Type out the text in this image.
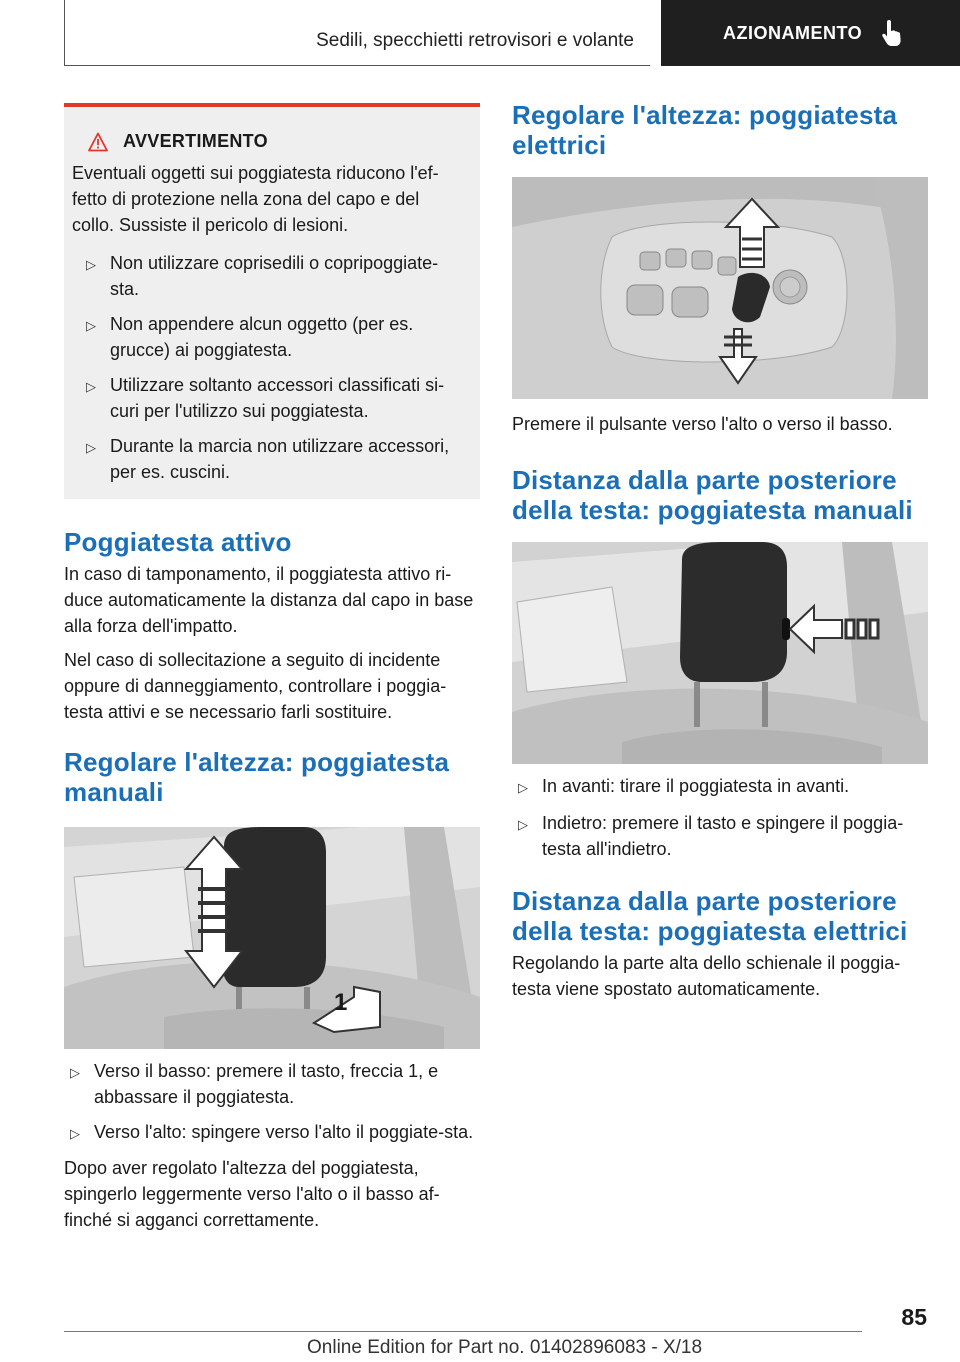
Sedili, specchietti retrovisori e volante	AZIONAMENTO
AVVERTIMENTO

Eventuali oggetti sui poggiatesta riducono l'ef-fetto di protezione nella zona del capo e del collo. Sussiste il pericolo di lesioni.

▷ Non utilizzare coprisedili o copripoggiate-sta.
▷ Non appendere alcun oggetto (per es. grucce) ai poggiatesta.
▷ Utilizzare soltanto accessori classificati si-curi per l'utilizzo sui poggiatesta.
▷ Durante la marcia non utilizzare accessori, per es. cuscini.
Poggiatesta attivo

In caso di tamponamento, il poggiatesta attivo ri-duce automaticamente la distanza dal capo in base alla forza dell'impatto.

Nel caso di sollecitazione a seguito di incidente oppure di danneggiamento, controllare i poggia-testa attivi e se necessario farli sostituire.

Regolare l'altezza: poggiatesta manuali
1
▷ Verso il basso: premere il tasto, freccia 1, e abbassare il poggiatesta.
▷ Verso l'alto: spingere verso l'alto il poggiate-sta.

Dopo aver regolato l'altezza del poggiatesta, spingerlo leggermente verso l'alto o il basso af-finché si agganci correttamente.

Regolare l'altezza: poggiatesta elettrici

Premere il pulsante verso l'alto o verso il basso.

Distanza dalla parte posteriore della testa: poggiatesta manuali
▷ In avanti: tirare il poggiatesta in avanti.
▷ Indietro: premere il tasto e spingere il poggia-testa all'indietro.
Distanza dalla parte posteriore della testa: poggiatesta elettrici

Regolando la parte alta dello schienale il poggia-testa viene spostato automaticamente.

85
Online Edition for Part no. 01402896083 - X/18
